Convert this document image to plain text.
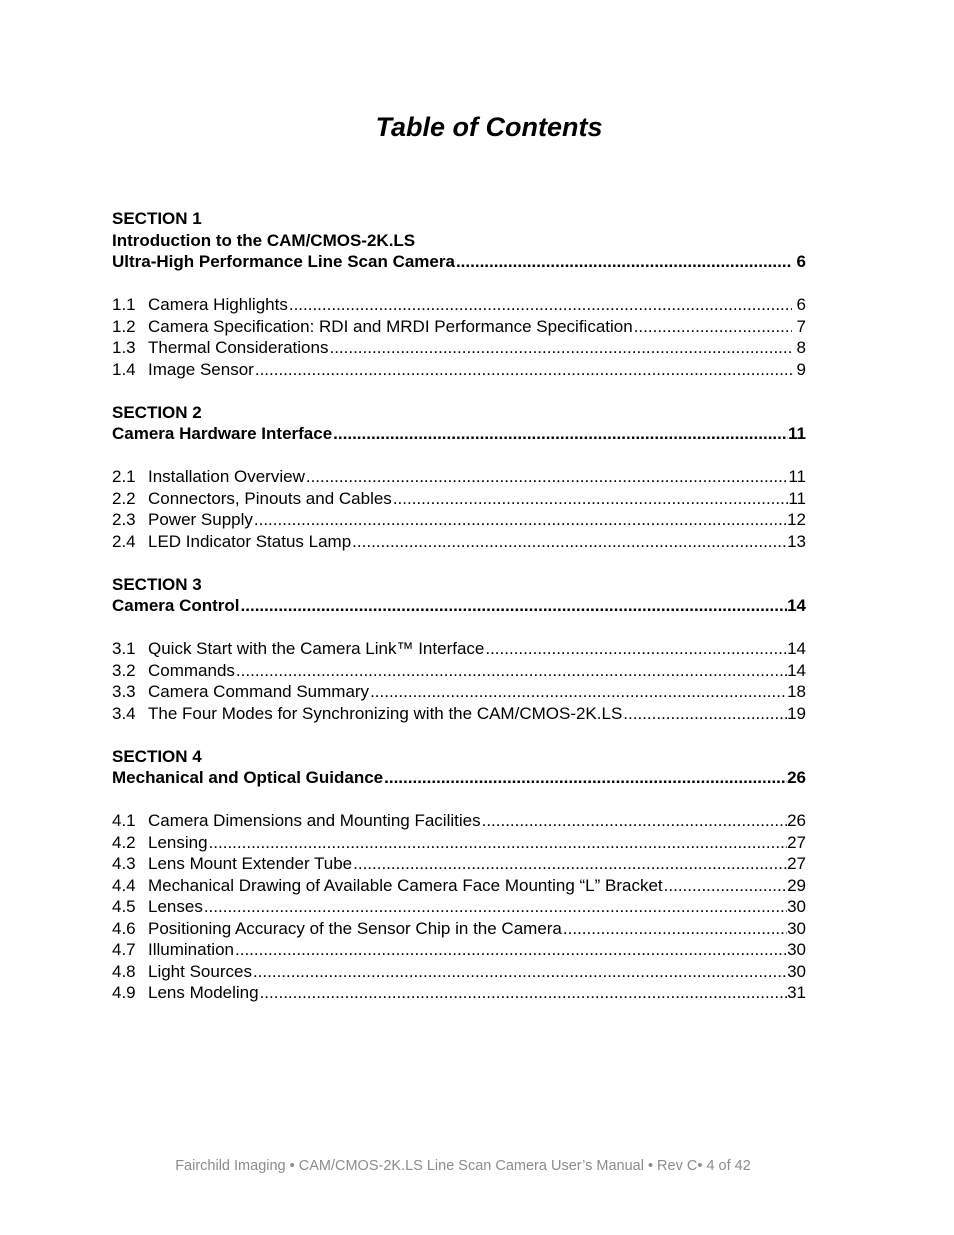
Table of Contents
SECTION 1
Introduction to the CAM/CMOS-2K.LS
Ultra-High Performance Line Scan Camera .....	6
1.1 Camera Highlights .....	6
1.2 Camera Specification: RDI and MRDI Performance Specification .....	7
1.3 Thermal Considerations .....	8
1.4 Image Sensor .....	9
SECTION 2
Camera Hardware Interface .....	11
2.1 Installation Overview .....	11
2.2 Connectors, Pinouts and Cables .....	11
2.3 Power Supply .....	12
2.4 LED Indicator Status Lamp .....	13
SECTION 3
Camera Control .....	14
3.1 Quick Start with the Camera Link™ Interface .....	14
3.2 Commands .....	14
3.3 Camera Command Summary .....	18
3.4 The Four Modes for Synchronizing with the CAM/CMOS-2K.LS .....	19
SECTION 4
Mechanical and Optical Guidance .....	26
4.1 Camera Dimensions and Mounting Facilities .....	26
4.2 Lensing .....	27
4.3 Lens Mount Extender Tube .....	27
4.4 Mechanical Drawing of Available Camera Face Mounting “L” Bracket .....	29
4.5 Lenses .....	30
4.6 Positioning Accuracy of the Sensor Chip in the Camera .....	30
4.7 Illumination .....	30
4.8 Light Sources .....	30
4.9 Lens Modeling .....	31
Fairchild Imaging • CAM/CMOS-2K.LS Line Scan Camera User’s Manual • Rev C• 4 of 42
